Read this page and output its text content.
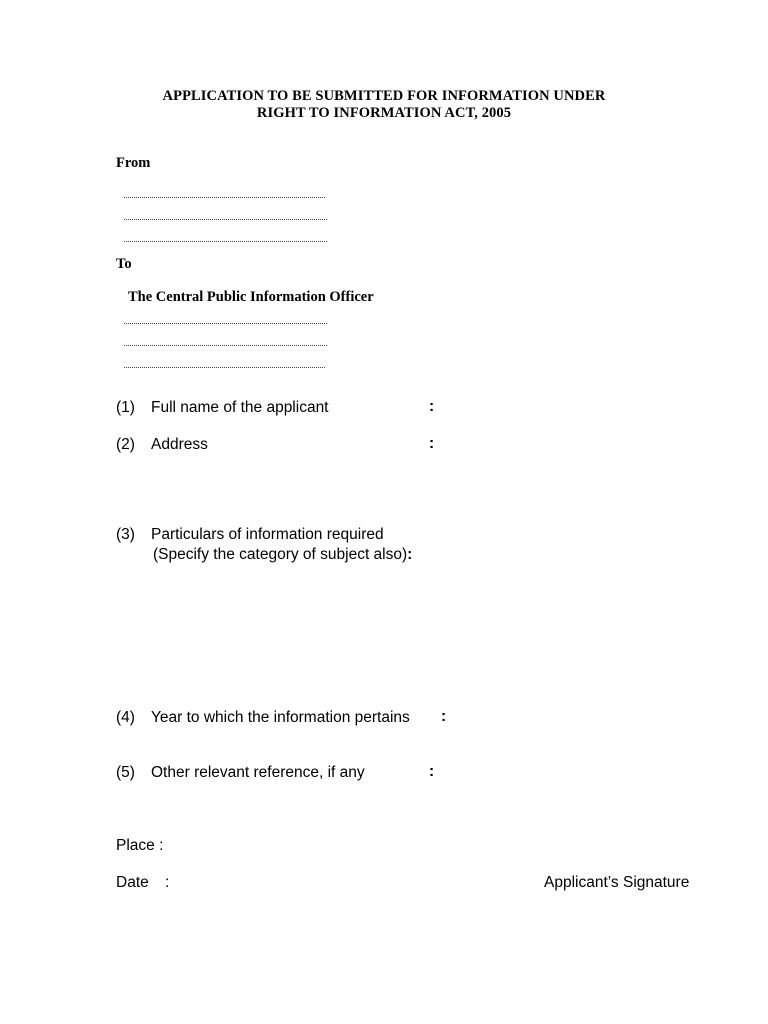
APPLICATION TO BE SUBMITTED FOR INFORMATION UNDER
RIGHT TO INFORMATION ACT, 2005
From
To
The Central Public Information Officer
(1) Full name of the applicant	:
(2) Address	:
(3) Particulars of information required
(Specify the category of subject also):
(4) Year to which the information pertains :
(5) Other relevant reference, if any	:
Place :
Date :	Applicant’s Signature
